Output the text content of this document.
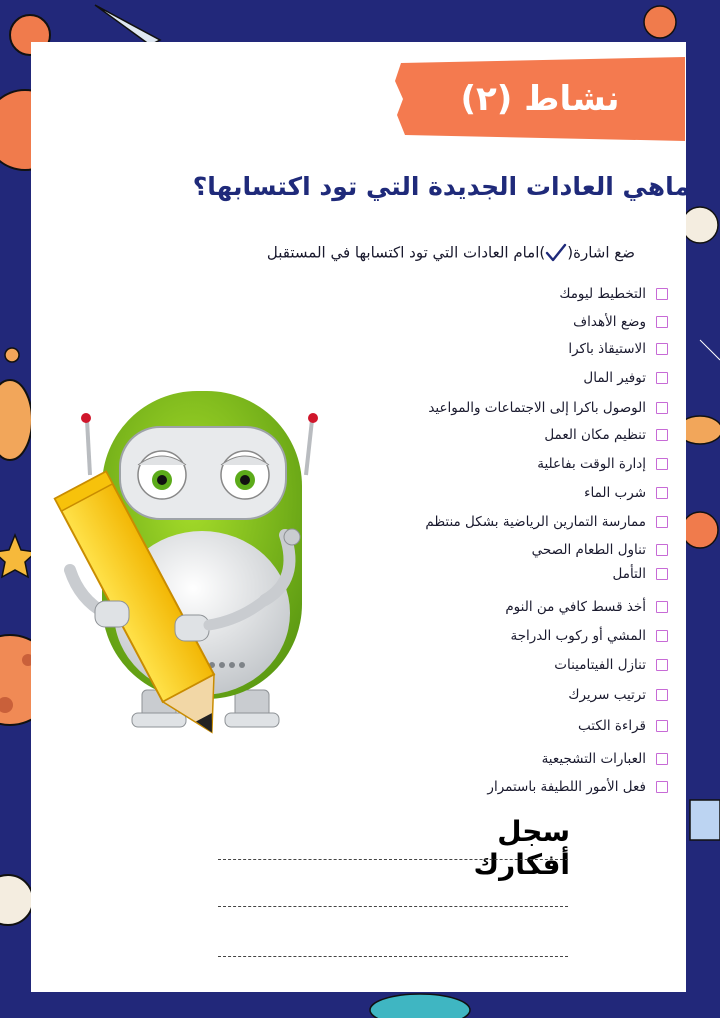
نشاط (٢)
ماهي العادات الجديدة التي تود اكتسابها؟
ضع اشارة()امام العادات التي تود اكتسابها في المستقبل
التخطيط ليومك
وضع الأهداف
الاستيقاذ باكرا
توفير المال
الوصول باكرا إلى الاجتماعات والمواعيد
تنظيم مكان العمل
إدارة الوقت بفاعلية
شرب الماء
ممارسة التمارين الرياضية بشكل منتظم
تناول الطعام الصحي
التأمل
أخذ قسط كافي من النوم
المشي أو ركوب الدراجة
تنازل الفيتامينات
ترتيب سريرك
قراءة الكتب
العبارات التشجيعية
فعل الأمور اللطيفة باستمرار
سجل أفكارك
